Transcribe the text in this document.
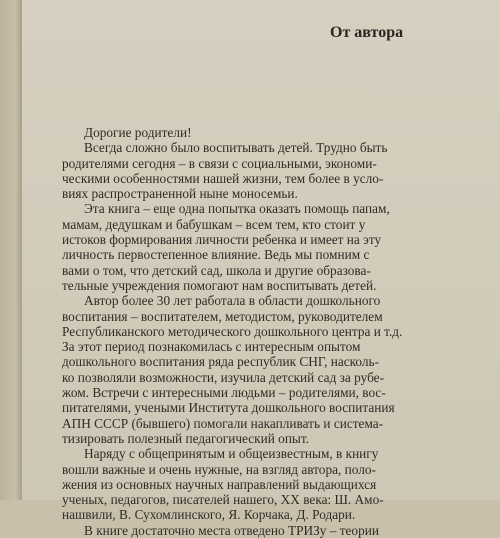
От автора
Дорогие родители!
Всегда сложно было воспитывать детей. Трудно быть
родителями сегодня – в связи с социальными, экономи-
ческими особенностями нашей жизни, тем более в усло-
виях распространенной ныне моносемьи.
Эта книга – еще одна попытка оказать помощь папам,
мамам, дедушкам и бабушкам – всем тем, кто стоит у
истоков формирования личности ребенка и имеет на эту
личность первостепенное влияние. Ведь мы помним с
вами о том, что детский сад, школа и другие образова-
тельные учреждения помогают нам воспитывать детей.
Автор более 30 лет работала в области дошкольного
воспитания – воспитателем, методистом, руководителем
Республиканского методического дошкольного центра и т.д.
За этот период познакомилась с интересным опытом
дошкольного воспитания ряда республик СНГ, насколь-
ко позволяли возможности, изучила детский сад за рубе-
жом. Встречи с интересными людьми – родителями, вос-
питателями, учеными Института дошкольного воспитания
АПН СССР (бывшего) помогали накапливать и система-
тизировать полезный педагогический опыт.
Наряду с общепринятым и общеизвестным, в книгу
вошли важные и очень нужные, на взгляд автора, поло-
жения из основных научных направлений выдающихся
ученых, педагогов, писателей нашего, XX века: Ш. Амо-
нашвили, В. Сухомлинского, Я. Корчака, Д. Родари.
В книге достаточно места отведено ТРИЗу – теории
